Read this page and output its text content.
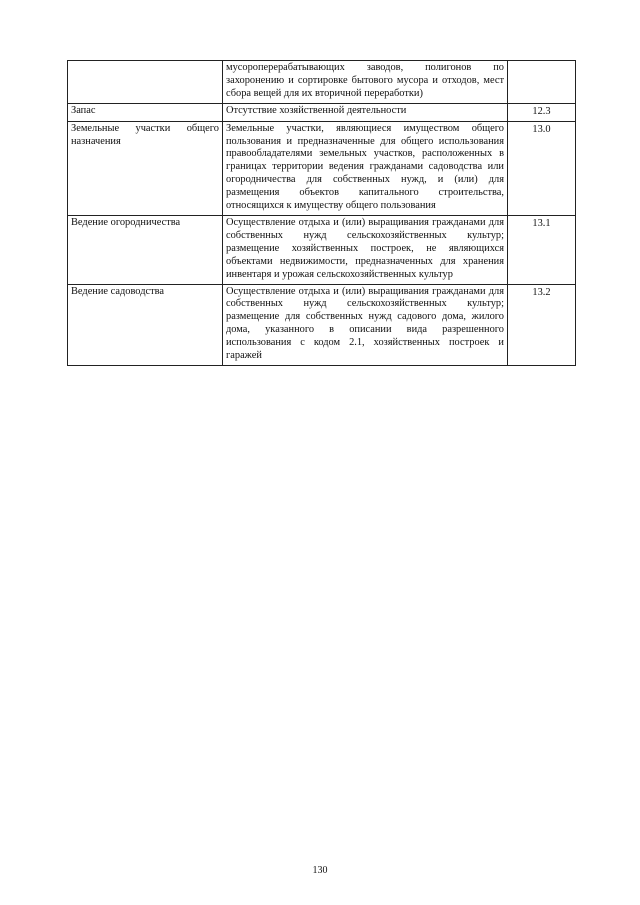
	мусороперерабатывающих заводов, полигонов по захоронению и сортировке бытового мусора и отходов, мест сбора вещей для их вторичной переработки)	
Запас	Отсутствие хозяйственной деятельности	12.3
Земельные участки общего назначения	Земельные участки, являющиеся имуществом общего пользования и предназначенные для общего использования правообладателями земельных участков, расположенных в границах территории ведения гражданами садоводства или огородничества для собственных нужд, и (или) для размещения объектов капитального строительства, относящихся к имуществу общего пользования	13.0
Ведение огородничества	Осуществление отдыха и (или) выращивания гражданами для собственных нужд сельскохозяйственных культур; размещение хозяйственных построек, не являющихся объектами недвижимости, предназначенных для хранения инвентаря и урожая сельскохозяйственных культур	13.1
Ведение садоводства	Осуществление отдыха и (или) выращивания гражданами для собственных нужд сельскохозяйственных культур; размещение для собственных нужд садового дома, жилого дома, указанного в описании вида разрешенного использования с кодом 2.1, хозяйственных построек и гаражей	13.2
130
